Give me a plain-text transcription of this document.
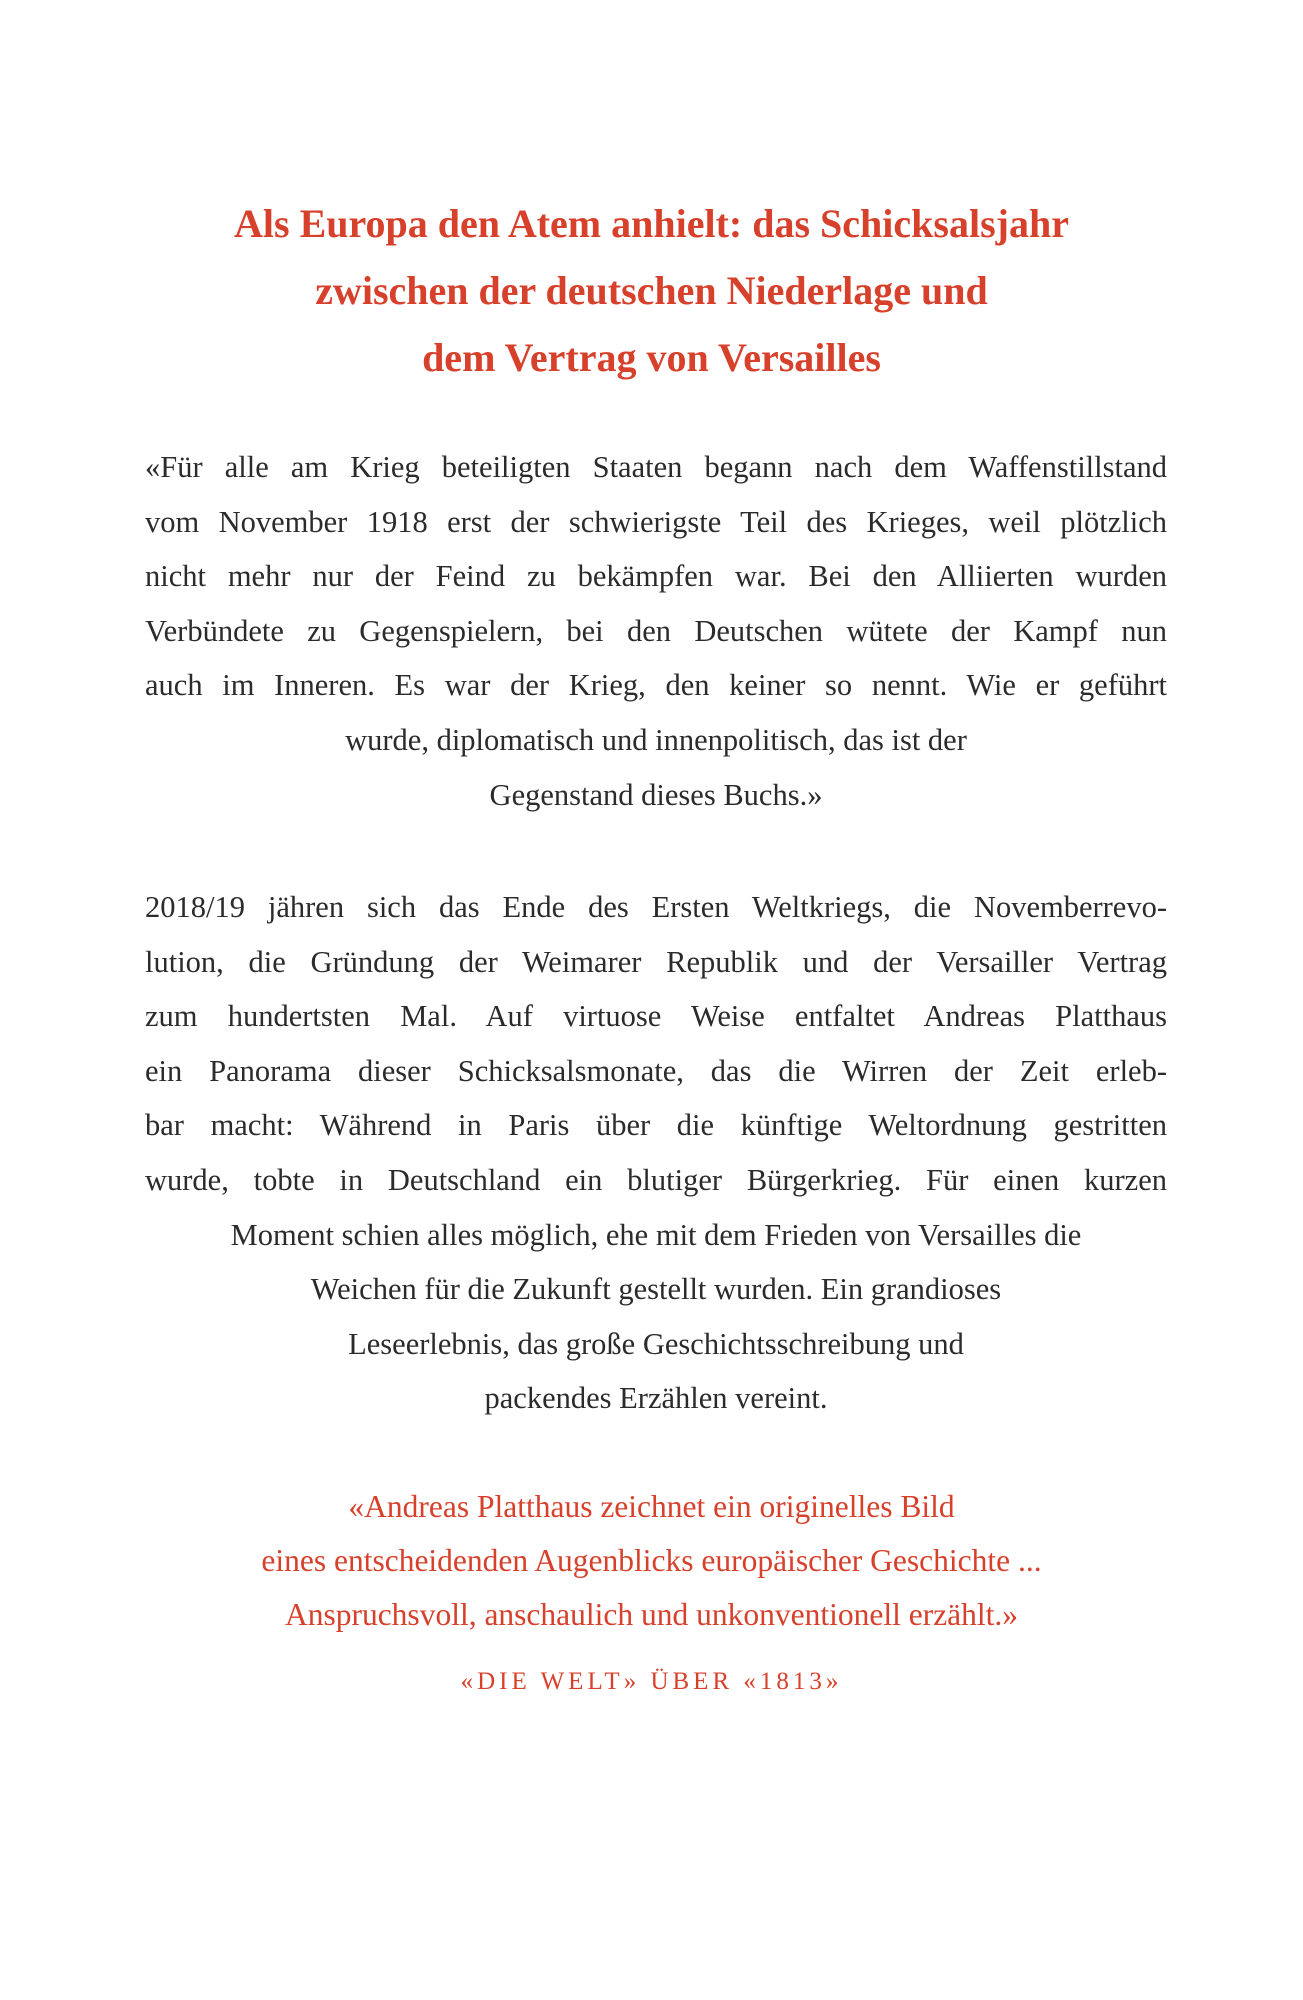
Als Europa den Atem anhielt: das Schicksalsjahr
zwischen der deutschen Niederlage und
dem Vertrag von Versailles
«Für alle am Krieg beteiligten Staaten begann nach dem Waffenstillstand
vom November 1918 erst der schwierigste Teil des Krieges, weil plötzlich
nicht mehr nur der Feind zu bekämpfen war. Bei den Alliierten wurden
Verbündete zu Gegenspielern, bei den Deutschen wütete der Kampf nun
auch im Inneren. Es war der Krieg, den keiner so nennt. Wie er geführt
wurde, diplomatisch und innenpolitisch, das ist der
Gegenstand dieses Buchs.»
2018/19 jähren sich das Ende des Ersten Weltkriegs, die Novemberrevo-
lution, die Gründung der Weimarer Republik und der Versailler Vertrag
zum hundertsten Mal. Auf virtuose Weise entfaltet Andreas Platthaus
ein Panorama dieser Schicksalsmonate, das die Wirren der Zeit erleb-
bar macht: Während in Paris über die künftige Weltordnung gestritten
wurde, tobte in Deutschland ein blutiger Bürgerkrieg. Für einen kurzen
Moment schien alles möglich, ehe mit dem Frieden von Versailles die
Weichen für die Zukunft gestellt wurden. Ein grandioses
Leseerlebnis, das große Geschichtsschreibung und
packendes Erzählen vereint.
«Andreas Platthaus zeichnet ein originelles Bild
eines entscheidenden Augenblicks europäischer Geschichte ...
Anspruchsvoll, anschaulich und unkonventionell erzählt.»
«DIE WELT» ÜBER «1813»
